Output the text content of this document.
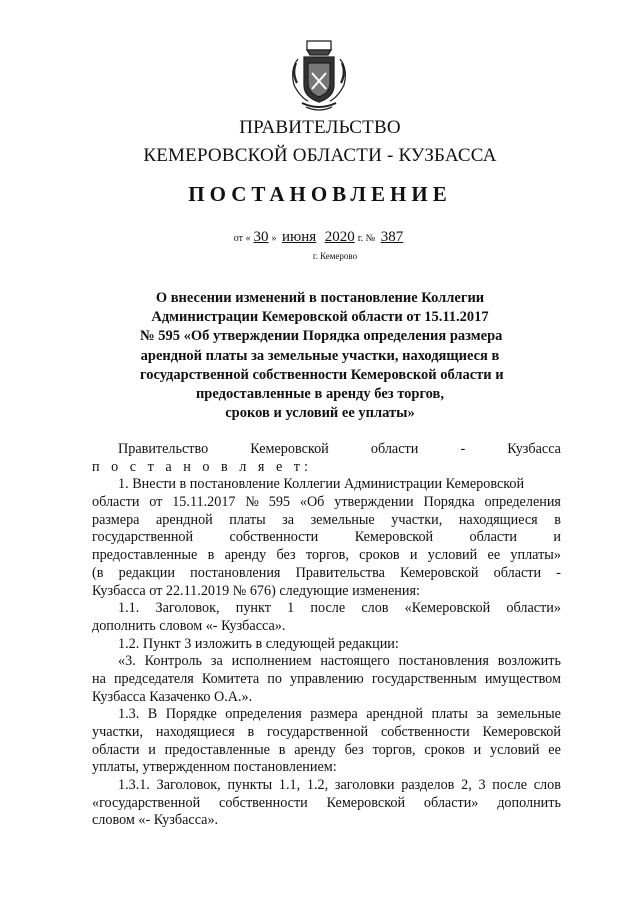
ПРАВИТЕЛЬСТВО
КЕМЕРОВСКОЙ ОБЛАСТИ - КУЗБАССА
ПОСТАНОВЛЕНИЕ
от « 30 » июня 2020 г. № 387
г. Кемерово
О внесении изменений в постановление Коллегии
Администрации Кемеровской области от 15.11.2017
№ 595 «Об утверждении Порядка определения размера
арендной платы за земельные участки, находящиеся в
государственной собственности Кемеровской области и
предоставленные в аренду без торгов,
сроков и условий ее уплаты»
Правительство	Кемеровской	области	-	Кузбасса
п о с т а н о в л я е т:
1. Внести в постановление Коллегии Администрации Кемеровской
области от 15.11.2017 № 595 «Об утверждении Порядка определения
размера арендной платы за земельные участки, находящиеся в
государственной	собственности	Кемеровской	области	и
предоставленные в аренду без торгов, сроков и условий ее уплаты»
(в редакции постановления Правительства Кемеровской области -
Кузбасса от 22.11.2019 № 676) следующие изменения:
1.1. Заголовок, пункт 1 после слов «Кемеровской области»
дополнить словом «- Кузбасса».
1.2. Пункт 3 изложить в следующей редакции:
«3. Контроль за исполнением настоящего постановления возложить
на председателя Комитета по управлению государственным имуществом
Кузбасса Казаченко О.А.».
1.3. В Порядке определения размера арендной платы за земельные
участки, находящиеся в государственной собственности Кемеровской
области и предоставленные в аренду без торгов, сроков и условий ее
уплаты, утвержденном постановлением:
1.3.1. Заголовок, пункты 1.1, 1.2, заголовки разделов 2, 3 после слов
«государственной собственности Кемеровской области» дополнить
словом «- Кузбасса».
